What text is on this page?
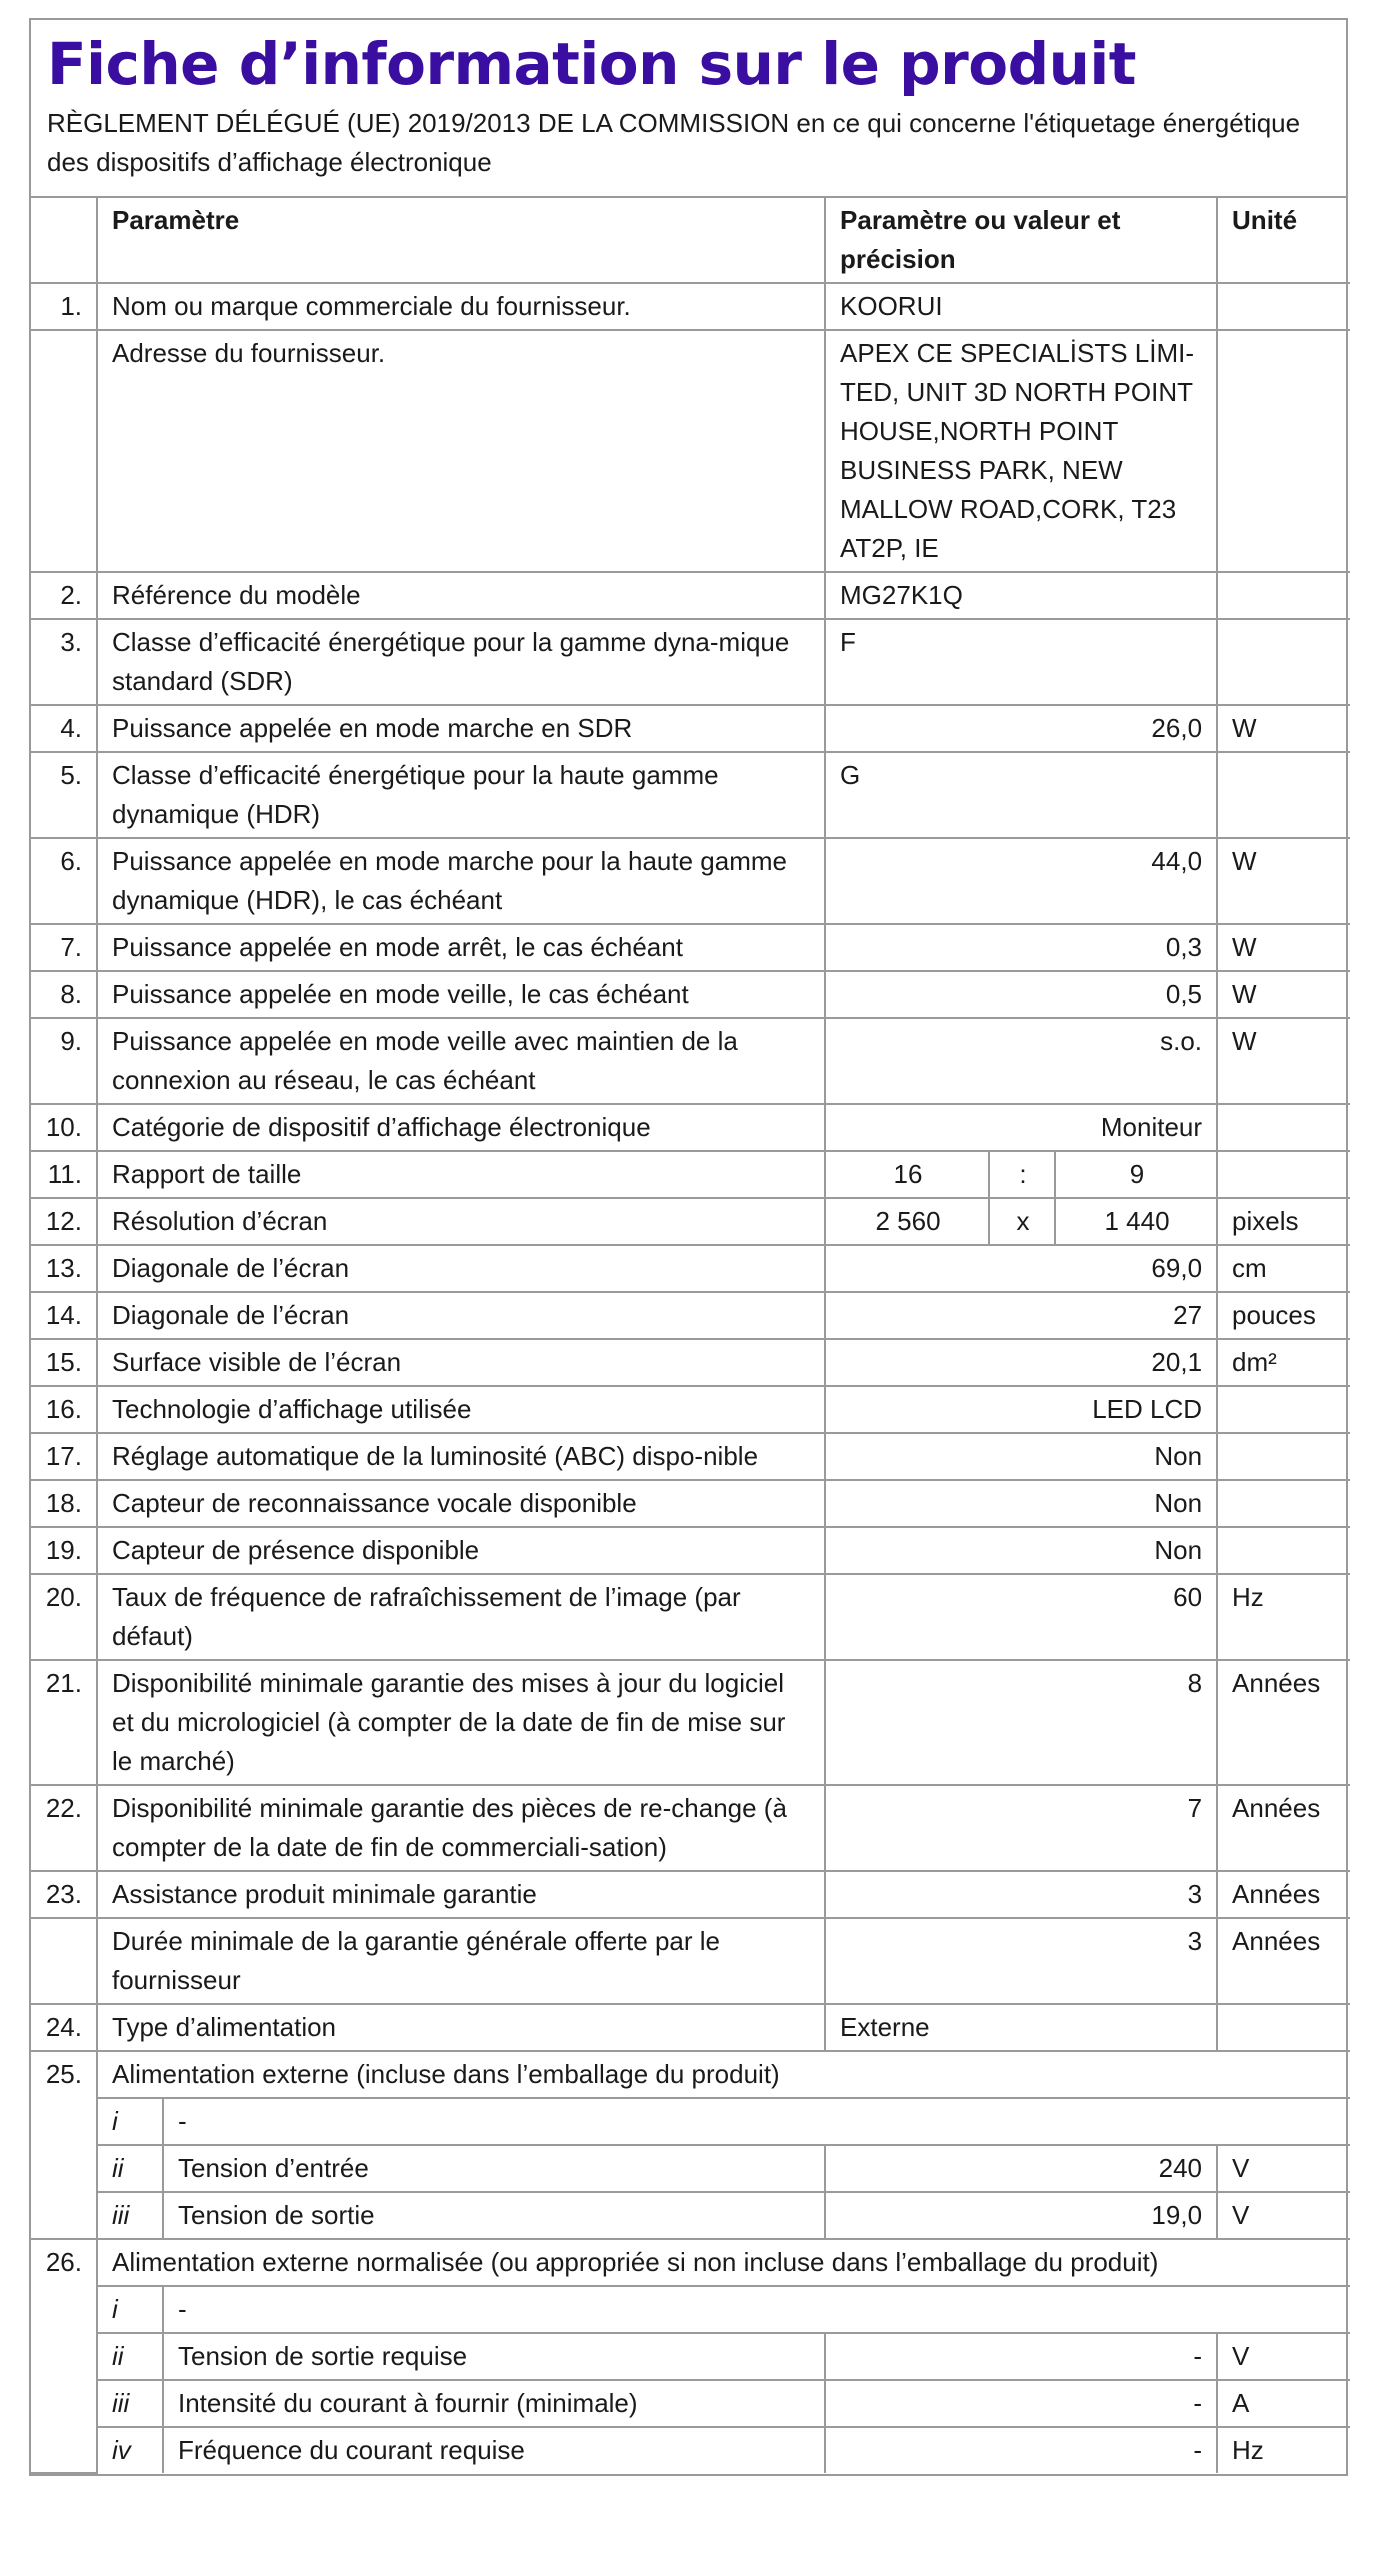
Fiche d’information sur le produit
RÈGLEMENT DÉLÉGUÉ (UE) 2019/2013 DE LA COMMISSION en ce qui concerne l'étiquetage énergétique des dispositifs d’affichage électronique
	Paramètre		Paramètre ou valeur et précision			Unité
1.	Nom ou marque commerciale du fournisseur.		KOORUI			
	Adresse du fournisseur.		APEX CE SPECIALİSTS LİMI-TED, UNIT 3D NORTH POINT HOUSE,NORTH POINT BUSINESS PARK, NEW MALLOW ROAD,CORK, T23 AT2P, IE			
2.	Référence du modèle		MG27K1Q			
3.	Classe d’efficacité énergétique pour la gamme dyna-mique standard (SDR)		F			
4.	Puissance appelée en mode marche en SDR		26,0			W
5.	Classe d’efficacité énergétique pour la haute gamme dynamique (HDR)		G			
6.	Puissance appelée en mode marche pour la haute gamme dynamique (HDR), le cas échéant		44,0			W
7.	Puissance appelée en mode arrêt, le cas échéant		0,3			W
8.	Puissance appelée en mode veille, le cas échéant		0,5			W
9.	Puissance appelée en mode veille avec maintien de la connexion au réseau, le cas échéant		s.o.			W
10.	Catégorie de dispositif d’affichage électronique		Moniteur			
11.	Rapport de taille		16	:	9	
12.	Résolution d’écran		2 560	x	1 440	pixels
13.	Diagonale de l’écran		69,0			cm
14.	Diagonale de l’écran		27			pouces
15.	Surface visible de l’écran		20,1			dm²
16.	Technologie d’affichage utilisée		LED LCD			
17.	Réglage automatique de la luminosité (ABC) dispo-nible		Non			
18.	Capteur de reconnaissance vocale disponible		Non			
19.	Capteur de présence disponible		Non			
20.	Taux de fréquence de rafraîchissement de l’image (par défaut)		60			Hz
21.	Disponibilité minimale garantie des mises à jour du logiciel et du micrologiciel (à compter de la date de fin de mise sur le marché)		8			Années
22.	Disponibilité minimale garantie des pièces de re-change (à compter de la date de fin de commerciali-sation)		7			Années
23.	Assistance produit minimale garantie		3			Années
	Durée minimale de la garantie générale offerte par le fournisseur		3			Années
24.	Type d’alimentation		Externe			
25.	Alimentation externe (incluse dans l’emballage du produit)					
	i	-				
	ii	Tension d’entrée	240			V
	iii	Tension de sortie	19,0			V
26.	Alimentation externe normalisée (ou appropriée si non incluse dans l’emballage du produit)					
	i	-				
	ii	Tension de sortie requise	-			V
	iii	Intensité du courant à fournir (minimale)	-			A
	iv	Fréquence du courant requise	-			Hz
